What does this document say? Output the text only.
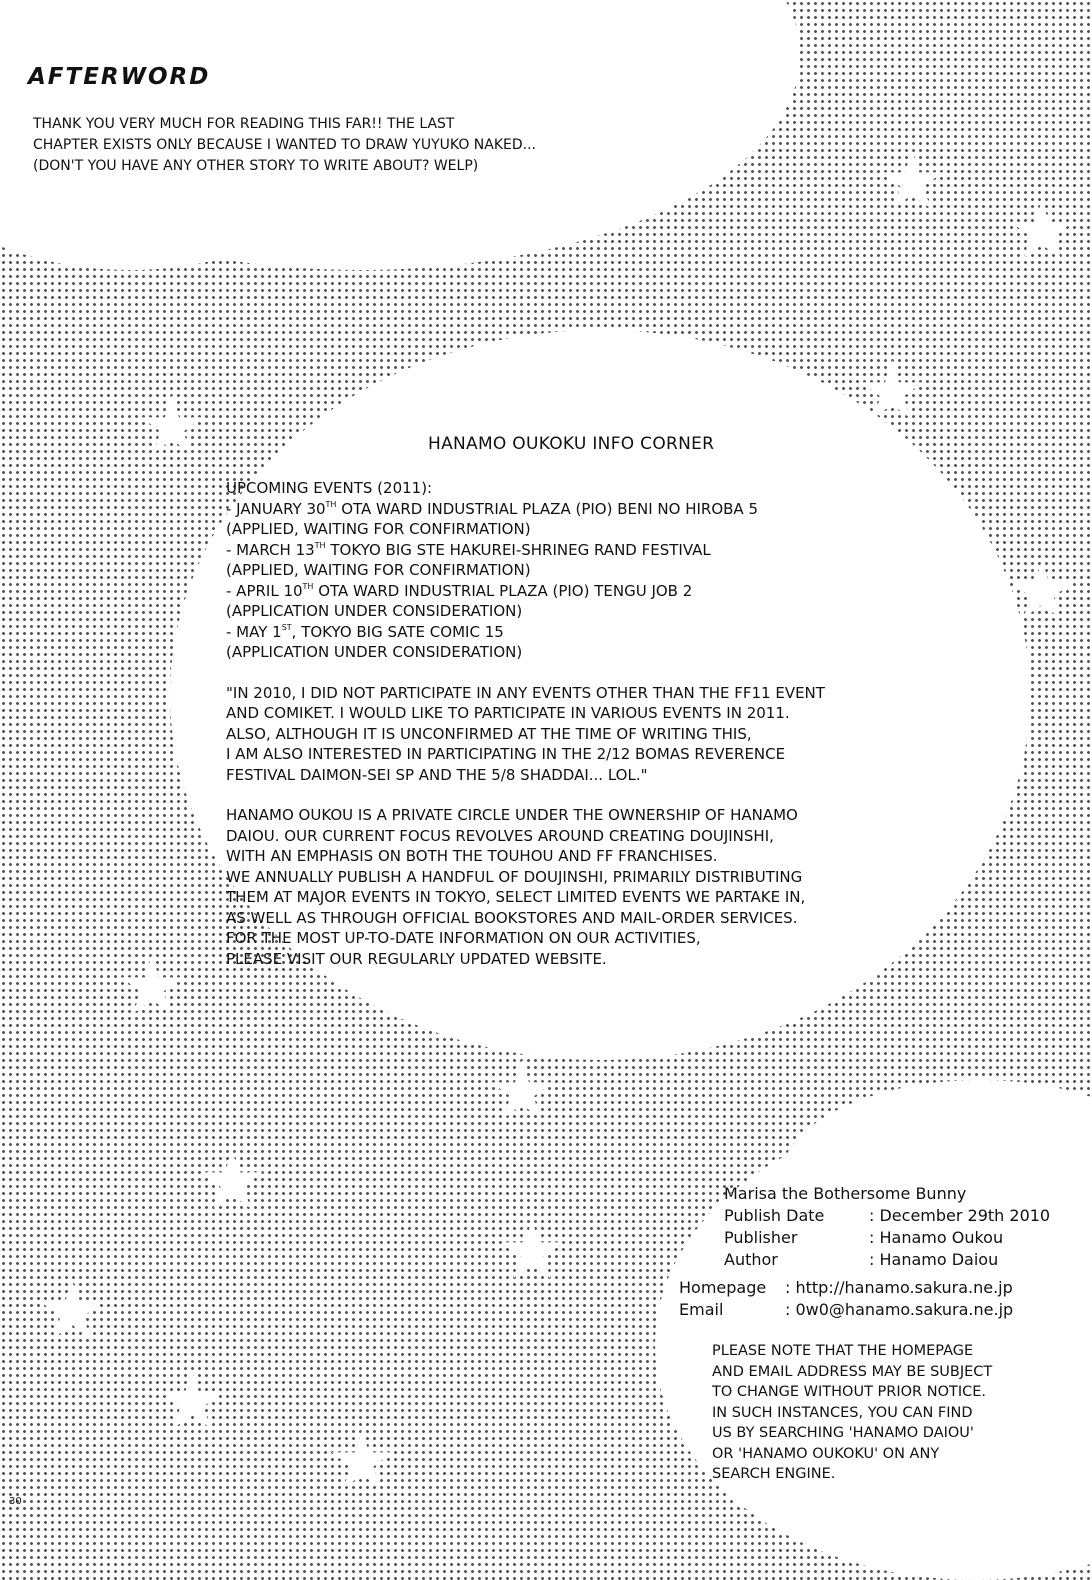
AFTERWORD
THANK YOU VERY MUCH FOR READING THIS FAR!! THE LAST
CHAPTER EXISTS ONLY BECAUSE I WANTED TO DRAW YUYUKO NAKED...
(DON'T YOU HAVE ANY OTHER STORY TO WRITE ABOUT? WELP)
HANAMO OUKOKU INFO CORNER

UPCOMING EVENTS (2011):

- JANUARY 30TH OTA WARD INDUSTRIAL PLAZA (PIO) BENI NO HIROBA 5

(APPLIED, WAITING FOR CONFIRMATION)

- MARCH 13TH TOKYO BIG STE HAKUREI-SHRINEG RAND FESTIVAL

(APPLIED, WAITING FOR CONFIRMATION)

- APRIL 10TH OTA WARD INDUSTRIAL PLAZA (PIO) TENGU JOB 2

(APPLICATION UNDER CONSIDERATION)

- MAY 1ST, TOKYO BIG SATE COMIC 15

(APPLICATION UNDER CONSIDERATION)

"IN 2010, I DID NOT PARTICIPATE IN ANY EVENTS OTHER THAN THE FF11 EVENT

AND COMIKET. I WOULD LIKE TO PARTICIPATE IN VARIOUS EVENTS IN 2011.

ALSO, ALTHOUGH IT IS UNCONFIRMED AT THE TIME OF WRITING THIS,

I AM ALSO INTERESTED IN PARTICIPATING IN THE 2/12 BOMAS REVERENCE

FESTIVAL DAIMON-SEI SP AND THE 5/8 SHADDAI... LOL."

HANAMO OUKOU IS A PRIVATE CIRCLE UNDER THE OWNERSHIP OF HANAMO

DAIOU. OUR CURRENT FOCUS REVOLVES AROUND CREATING DOUJINSHI,

WITH AN EMPHASIS ON BOTH THE TOUHOU AND FF FRANCHISES.

WE ANNUALLY PUBLISH A HANDFUL OF DOUJINSHI, PRIMARILY DISTRIBUTING

THEM AT MAJOR EVENTS IN TOKYO, SELECT LIMITED EVENTS WE PARTAKE IN,

AS WELL AS THROUGH OFFICIAL BOOKSTORES AND MAIL-ORDER SERVICES.

FOR THE MOST UP-TO-DATE INFORMATION ON OUR ACTIVITIES,

PLEASE VISIT OUR REGULARLY UPDATED WEBSITE.

Marisa the Bothersome Bunny
Publish Date	: December 29th 2010
Publisher	: Hanamo Oukou
Author	: Hanamo Daiou
Homepage	: http://hanamo.sakura.ne.jp
Email	: 0w0@hanamo.sakura.ne.jp
PLEASE NOTE THAT THE HOMEPAGE
AND EMAIL ADDRESS MAY BE SUBJECT
TO CHANGE WITHOUT PRIOR NOTICE.
IN SUCH INSTANCES, YOU CAN FIND
US BY SEARCHING 'HANAMO DAIOU'
OR 'HANAMO OUKOKU' ON ANY
SEARCH ENGINE.
30
